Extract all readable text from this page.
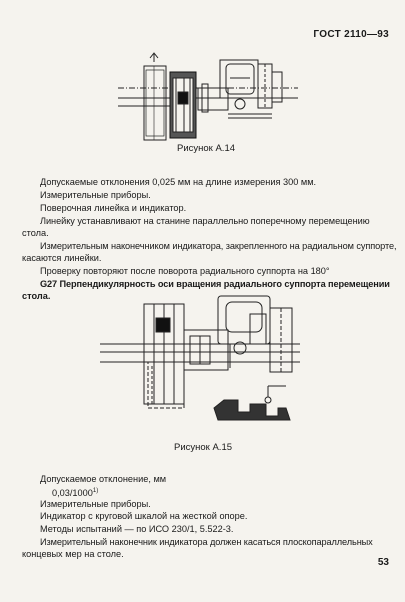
ГОСТ 2110—93
Рисунок А.14
Допускаемые отклонения 0,025 мм на длине измерения 300 мм.
Измерительные приборы.
Поверочная линейка и индикатор.
Линейку устанавливают на станине параллельно поперечному перемещению
стола.
Измерительным наконечником индикатора, закрепленного на радиальном суппорте,
касаются линейки.
Проверку повторяют после поворота радиального суппорта на 180°
G27 Перпендикулярность оси вращения радиального суппорта перемещении
стола.
Рисунок А.15
Допускаемое отклонение, мм
0,03/1000$^{1)}$
Измерительные приборы.
Индикатор с круговой шкалой на жесткой опоре.
Методы испытаний — по ИСО 230/1, 5.522-3.
Измерительный наконечник индикатора должен касаться плоскопараллельных
концевых мер на столе.
53
